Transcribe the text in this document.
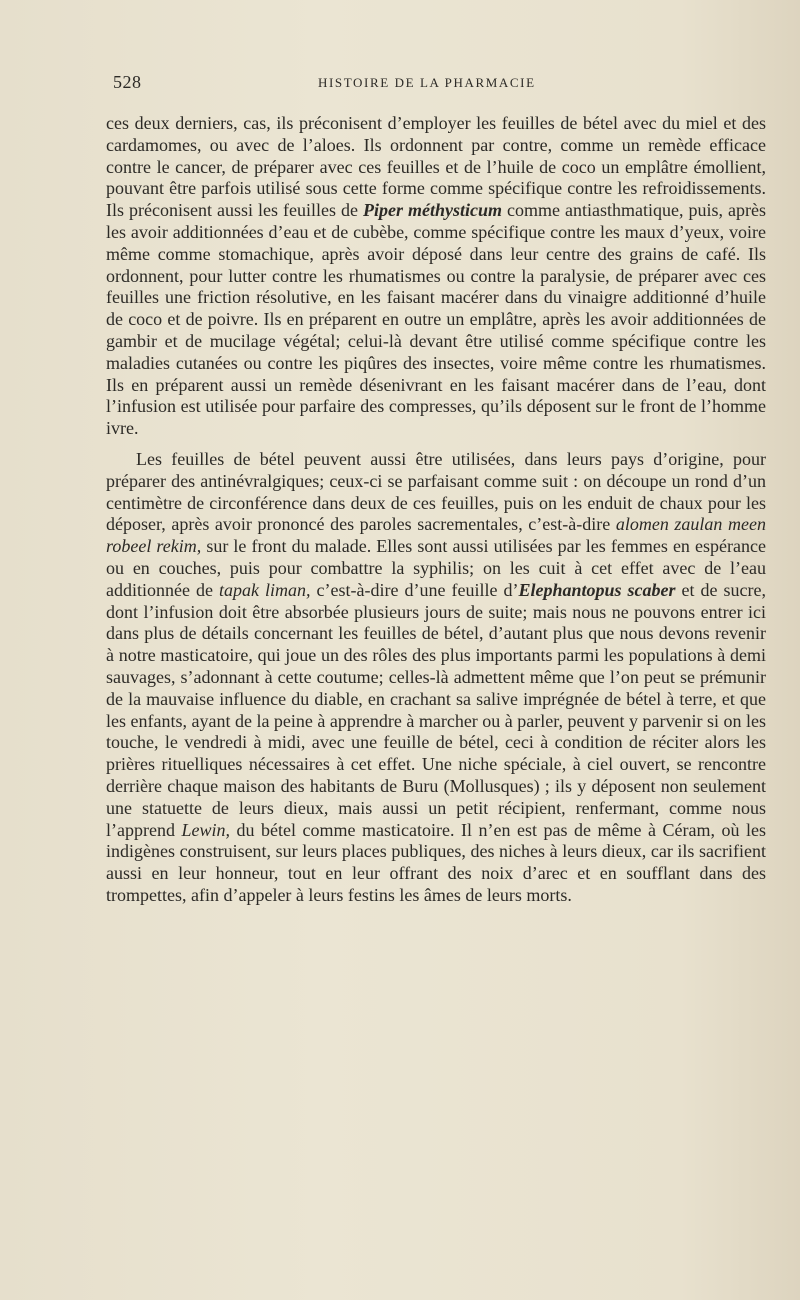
528	HISTOIRE DE LA PHARMACIE

ces deux derniers, cas, ils préconisent d’employer les feuilles de bétel avec du miel et des cardamomes, ou avec de l’aloes. Ils ordonnent par contre, comme un remède efficace contre le cancer, de préparer avec ces feuilles et de l’huile de coco un emplâtre émollient, pouvant être parfois utilisé sous cette forme comme spécifique contre les refroidissements. Ils préconisent aussi les feuilles de Piper méthysticum comme antiasthmatique, puis, après les avoir additionnées d’eau et de cubèbe, comme spécifique contre les maux d’yeux, voire même comme stomachique, après avoir déposé dans leur centre des grains de café. Ils ordonnent, pour lutter contre les rhumatismes ou contre la paralysie, de préparer avec ces feuilles une friction résolutive, en les faisant macérer dans du vinaigre additionné d’huile de coco et de poivre. Ils en préparent en outre un emplâtre, après les avoir additionnées de gambir et de mucilage végétal; celui-là devant être utilisé comme spécifique contre les maladies cutanées ou contre les piqûres des insectes, voire même contre les rhumatismes. Ils en préparent aussi un remède désenivrant en les faisant macérer dans de l’eau, dont l’infusion est utilisée pour parfaire des compresses, qu’ils déposent sur le front de l’homme ivre.

Les feuilles de bétel peuvent aussi être utilisées, dans leurs pays d’origine, pour préparer des antinévralgiques; ceux-ci se parfaisant comme suit : on découpe un rond d’un centimètre de circonférence dans deux de ces feuilles, puis on les enduit de chaux pour les déposer, après avoir prononcé des paroles sacrementales, c’est-à-dire alomen zaulan meen robeel rekim, sur le front du malade. Elles sont aussi utilisées par les femmes en espérance ou en couches, puis pour combattre la syphilis; on les cuit à cet effet avec de l’eau additionnée de tapak liman, c’est-à-dire d’une feuille d’Elephantopus scaber et de sucre, dont l’infusion doit être absorbée plusieurs jours de suite; mais nous ne pouvons entrer ici dans plus de détails concernant les feuilles de bétel, d’autant plus que nous devons revenir à notre masticatoire, qui joue un des rôles des plus importants parmi les populations à demi sauvages, s’adonnant à cette coutume; celles-là admettent même que l’on peut se prémunir de la mauvaise influence du diable, en crachant sa salive imprégnée de bétel à terre, et que les enfants, ayant de la peine à apprendre à marcher ou à parler, peuvent y parvenir si on les touche, le vendredi à midi, avec une feuille de bétel, ceci à condition de réciter alors les prières rituelliques nécessaires à cet effet. Une niche spéciale, à ciel ouvert, se rencontre derrière chaque maison des habitants de Buru (Mollusques) ; ils y déposent non seulement une statuette de leurs dieux, mais aussi un petit récipient, renfermant, comme nous l’apprend Lewin, du bétel comme masticatoire. Il n’en est pas de même à Céram, où les indigènes construisent, sur leurs places publiques, des niches à leurs dieux, car ils sacrifient aussi en leur honneur, tout en leur offrant des noix d’arec et en soufflant dans des trompettes, afin d’appeler à leurs festins les âmes de leurs morts.
